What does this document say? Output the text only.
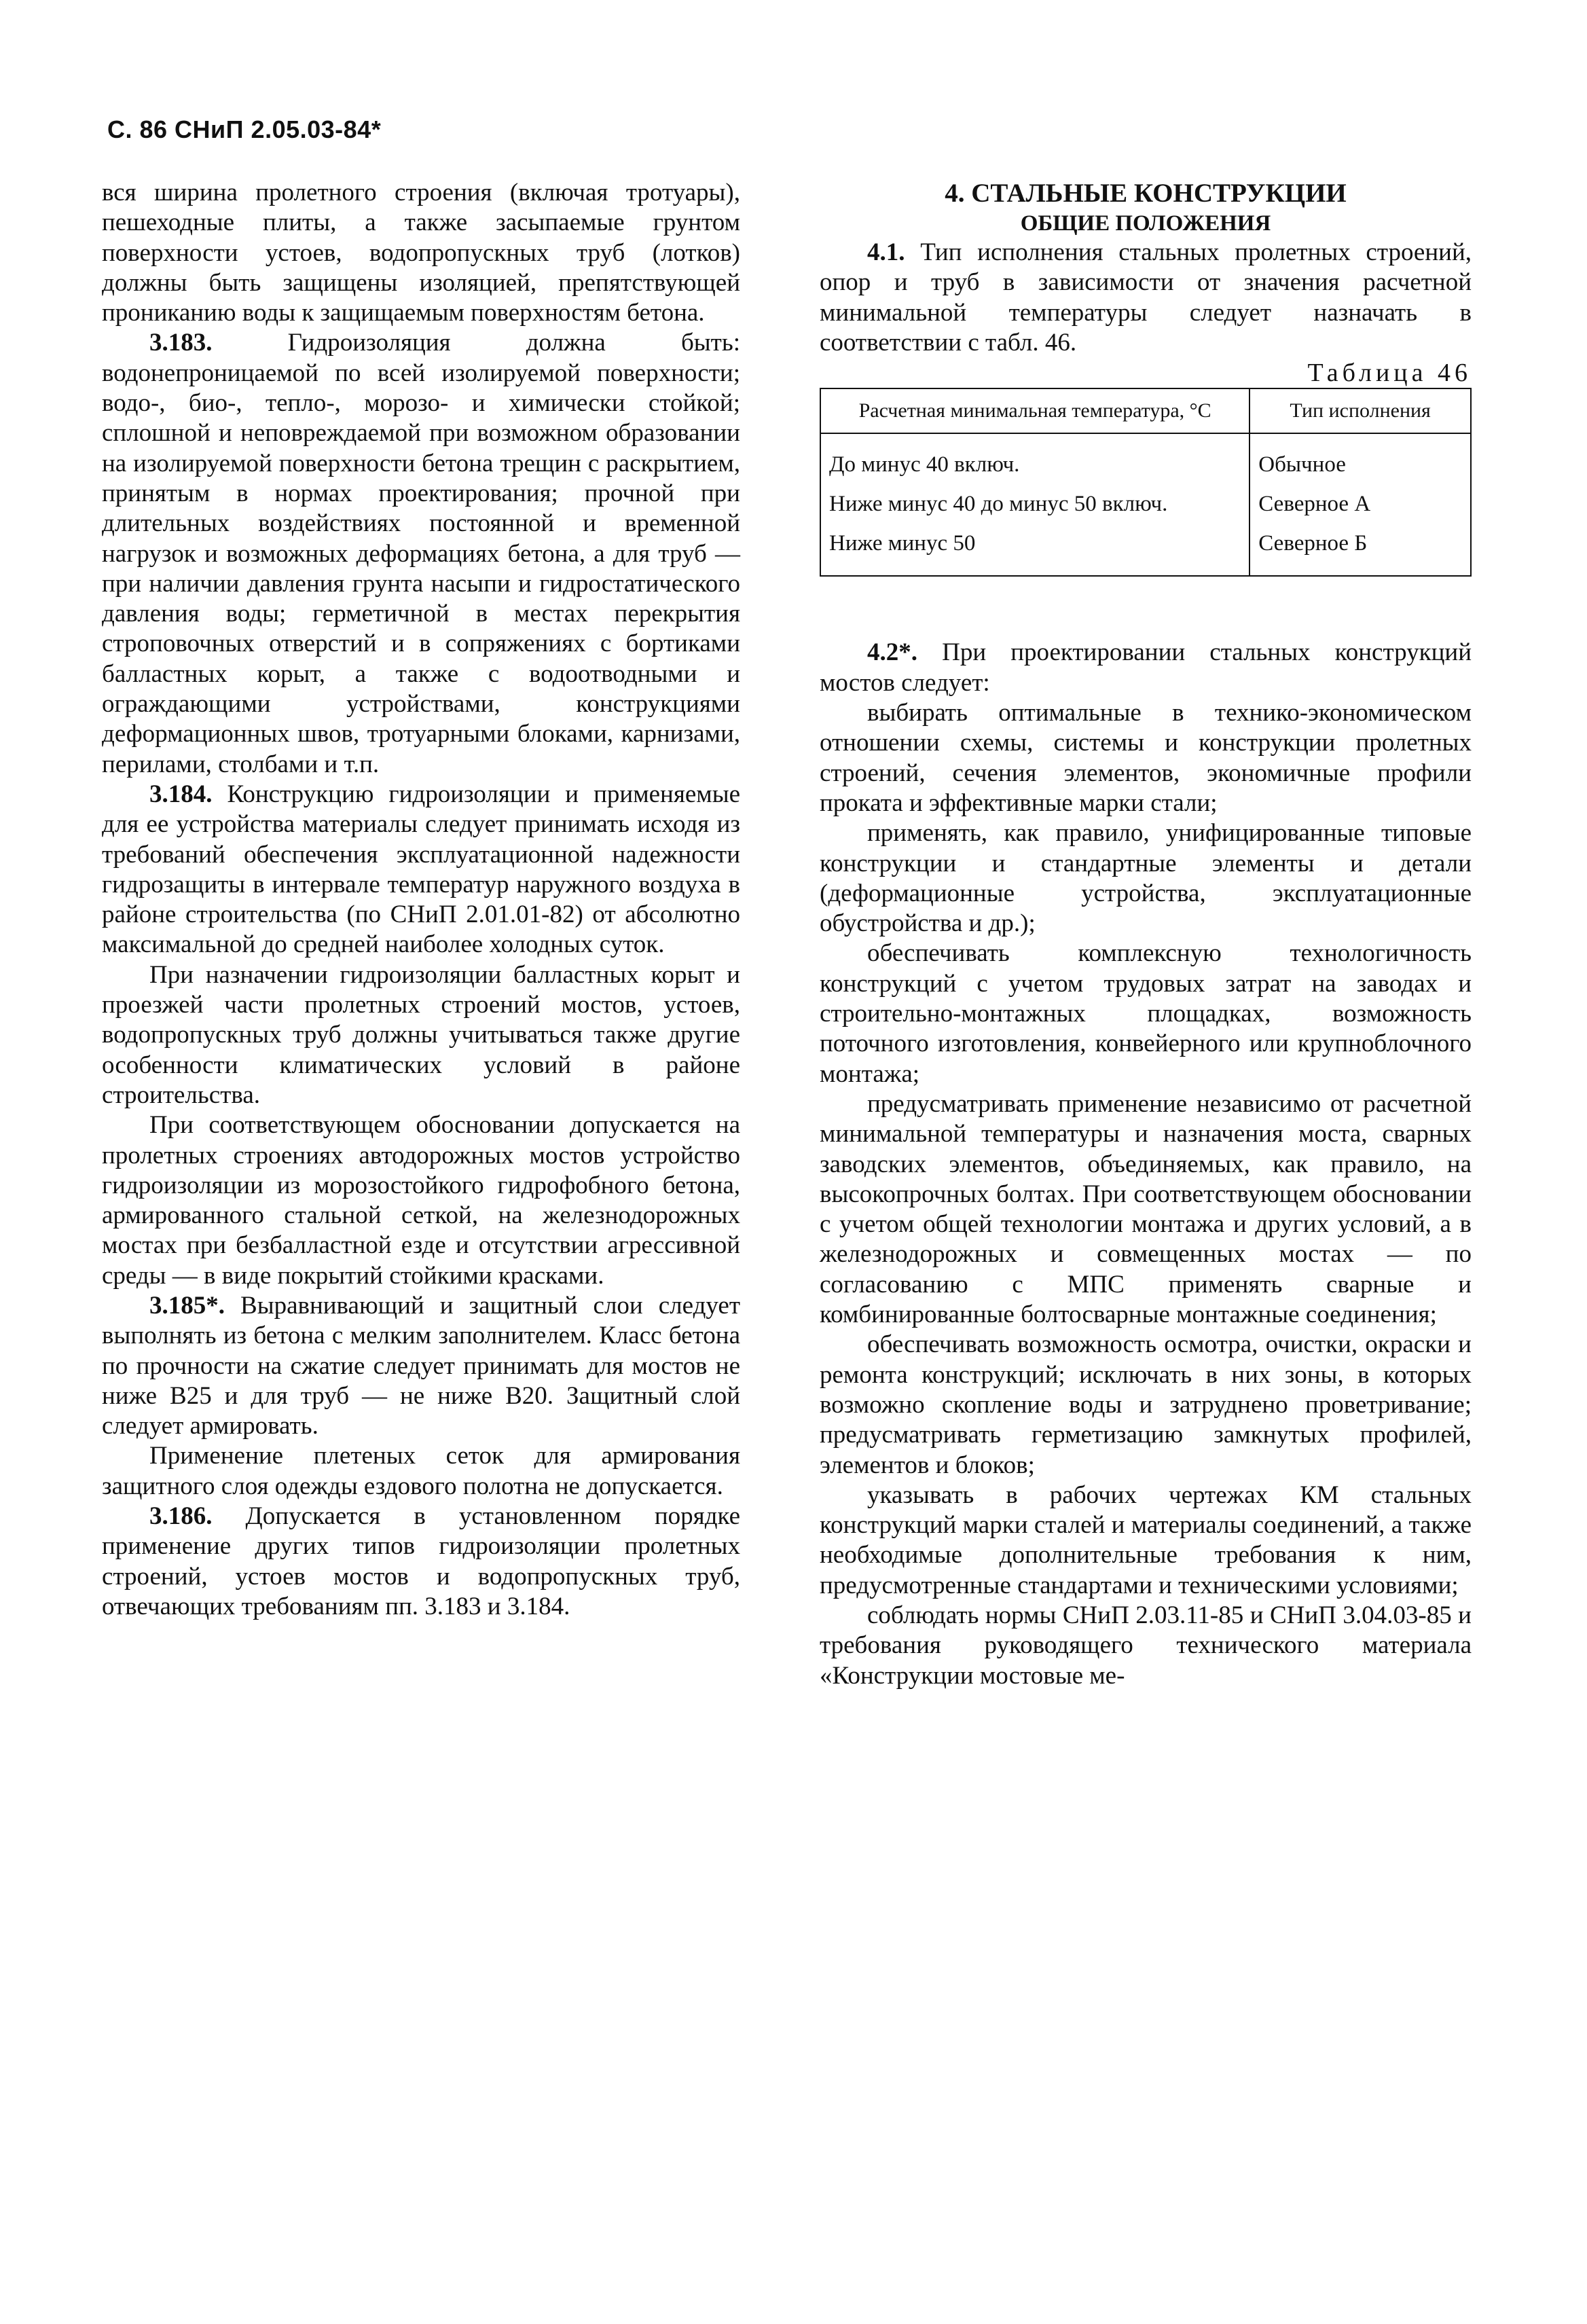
С. 86 СНиП 2.05.03-84*

вся ширина пролетного строения (включая тротуары), пешеходные плиты, а также засыпаемые грунтом поверхности устоев, водопропускных труб (лотков) должны быть защищены изоляцией, препятствующей прониканию воды к защищаемым поверхностям бетона.

3.183. Гидроизоляция должна быть: водонепроницаемой по всей изолируемой поверхности; водо-, био-, тепло-, морозо- и химически стойкой; сплошной и неповреждаемой при возможном образовании на изолируемой поверхности бетона трещин с раскрытием, принятым в нормах проектирования; прочной при длительных воздействиях постоянной и временной нагрузок и возможных деформациях бетона, а для труб — при наличии давления грунта насыпи и гидростатического давления воды; герметичной в местах перекрытия строповочных отверстий и в сопряжениях с бортиками балластных корыт, а также с водоотводными и ограждающими устройствами, конструкциями деформационных швов, тротуарными блоками, карнизами, перилами, столбами и т.п.

3.184. Конструкцию гидроизоляции и применяемые для ее устройства материалы следует принимать исходя из требований обеспечения эксплуатационной надежности гидрозащиты в интервале температур наружного воздуха в районе строительства (по СНиП 2.01.01-82) от абсолютно максимальной до средней наиболее холодных суток.

При назначении гидроизоляции балластных корыт и проезжей части пролетных строений мостов, устоев, водопропускных труб должны учитываться также другие особенности климатических условий в районе строительства.

При соответствующем обосновании допускается на пролетных строениях автодорожных мостов устройство гидроизоляции из морозостойкого гидрофобного бетона, армированного стальной сеткой, на железнодорожных мостах при безбалластной езде и отсутствии агрессивной среды — в виде покрытий стойкими красками.

3.185*. Выравнивающий и защитный слои следует выполнять из бетона с мелким заполнителем. Класс бетона по прочности на сжатие следует принимать для мостов не ниже В25 и для труб — не ниже В20. Защитный слой следует армировать.

Применение плетеных сеток для армирования защитного слоя одежды ездового полотна не допускается.

3.186. Допускается в установленном порядке применение других типов гидроизоляции пролетных строений, устоев мостов и водопропускных труб, отвечающих требованиям пп. 3.183 и 3.184.

4. СТАЛЬНЫЕ КОНСТРУКЦИИ

ОБЩИЕ ПОЛОЖЕНИЯ

4.1. Тип исполнения стальных пролетных строений, опор и труб в зависимости от значения расчетной минимальной температуры следует назначать в соответствии с табл. 46.

Таблица 46

Расчетная минимальная температура, °С	Тип исполнения
До минус 40 включ.	Обычное
Ниже минус 40 до минус 50 включ.	Северное А
Ниже минус 50	Северное Б

4.2*. При проектировании стальных конструкций мостов следует:

выбирать оптимальные в технико-экономическом отношении схемы, системы и конструкции пролетных строений, сечения элементов, экономичные профили проката и эффективные марки стали;

применять, как правило, унифицированные типовые конструкции и стандартные элементы и детали (деформационные устройства, эксплуатационные обустройства и др.);

обеспечивать комплексную технологичность конструкций с учетом трудовых затрат на заводах и строительно-монтажных площадках, возможность поточного изготовления, конвейерного или крупноблочного монтажа;

предусматривать применение независимо от расчетной минимальной температуры и назначения моста, сварных заводских элементов, объединяемых, как правило, на высокопрочных болтах. При соответствующем обосновании с учетом общей технологии монтажа и других условий, а в железнодорожных и совмещенных мостах — по согласованию с МПС применять сварные и комбинированные болтосварные монтажные соединения;

обеспечивать возможность осмотра, очистки, окраски и ремонта конструкций; исключать в них зоны, в которых возможно скопление воды и затруднено проветривание; предусматривать герметизацию замкнутых профилей, элементов и блоков;

указывать в рабочих чертежах КМ стальных конструкций марки сталей и материалы соединений, а также необходимые дополнительные требования к ним, предусмотренные стандартами и техническими условиями;

соблюдать нормы СНиП 2.03.11-85 и СНиП 3.04.03-85 и требования руководящего технического материала «Конструкции мостовые ме-
